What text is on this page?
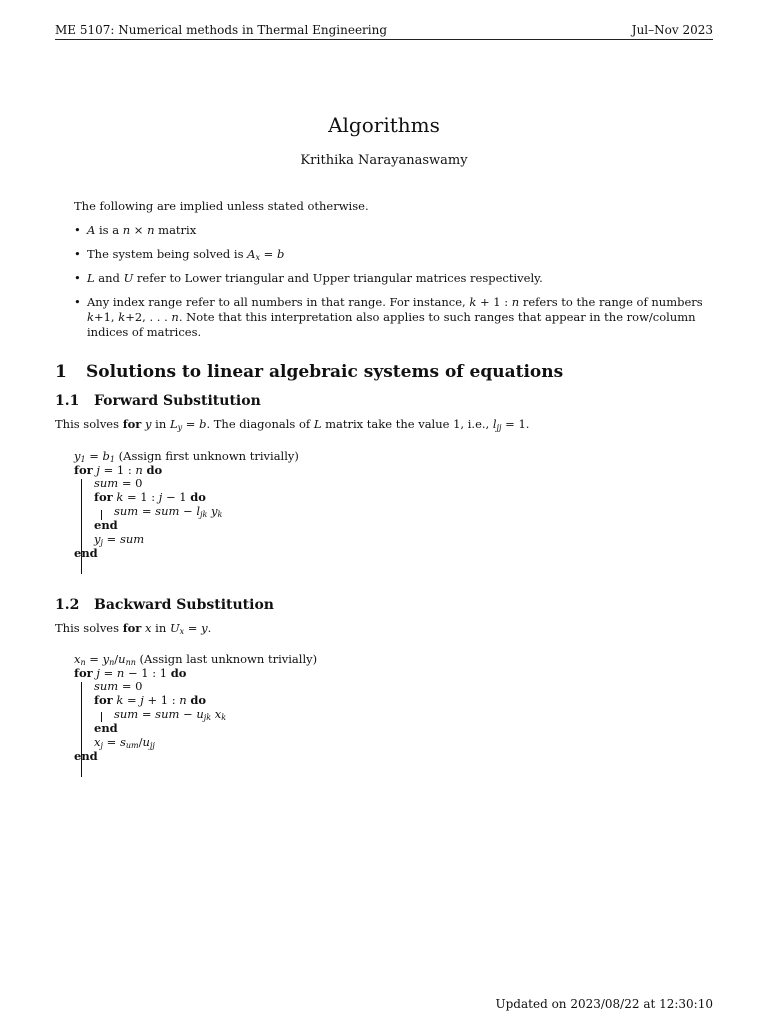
ME 5107: Numerical methods in Thermal Engineering	Jul–Nov 2023
Algorithms
Krithika Narayanaswamy
The following are implied unless stated otherwise.
• A is a n × n matrix
• The system being solved is $A_x = b$
• L and U refer to Lower triangular and Upper triangular matrices respectively.
• Any index range refer to all numbers in that range. For instance, k + 1 : n refers to the range of numbers k+1, k+2, . . . n. Note that this interpretation also applies to such ranges that appear in the row/column indices of matrices.
1 Solutions to linear algebraic systems of equations
1.1 Forward Substitution
This solves for y in $L_y = b$. The diagonals of L matrix take the value 1, i.e., $l_{jj} = 1$.
$y_1 = b_1$ (Assign first unknown trivially)
for j = 1 : n do
sum = 0
for k = 1 : j − 1 do
sum = sum − $l_{jk}$ $y_k$
end
$y_j$ = sum
end
1.2 Backward Substitution
This solves for x in $U_x = y$.
$x_n = y_n/u_{nn}$ (Assign last unknown trivially)
for j = n − 1 : 1 do
sum = 0
for k = j + 1 : n do
sum = sum − $u_{jk}$ $x_k$
end
$x_j = s_{um}/u_{jj}$
end
Updated on 2023/08/22 at 12:30:10
